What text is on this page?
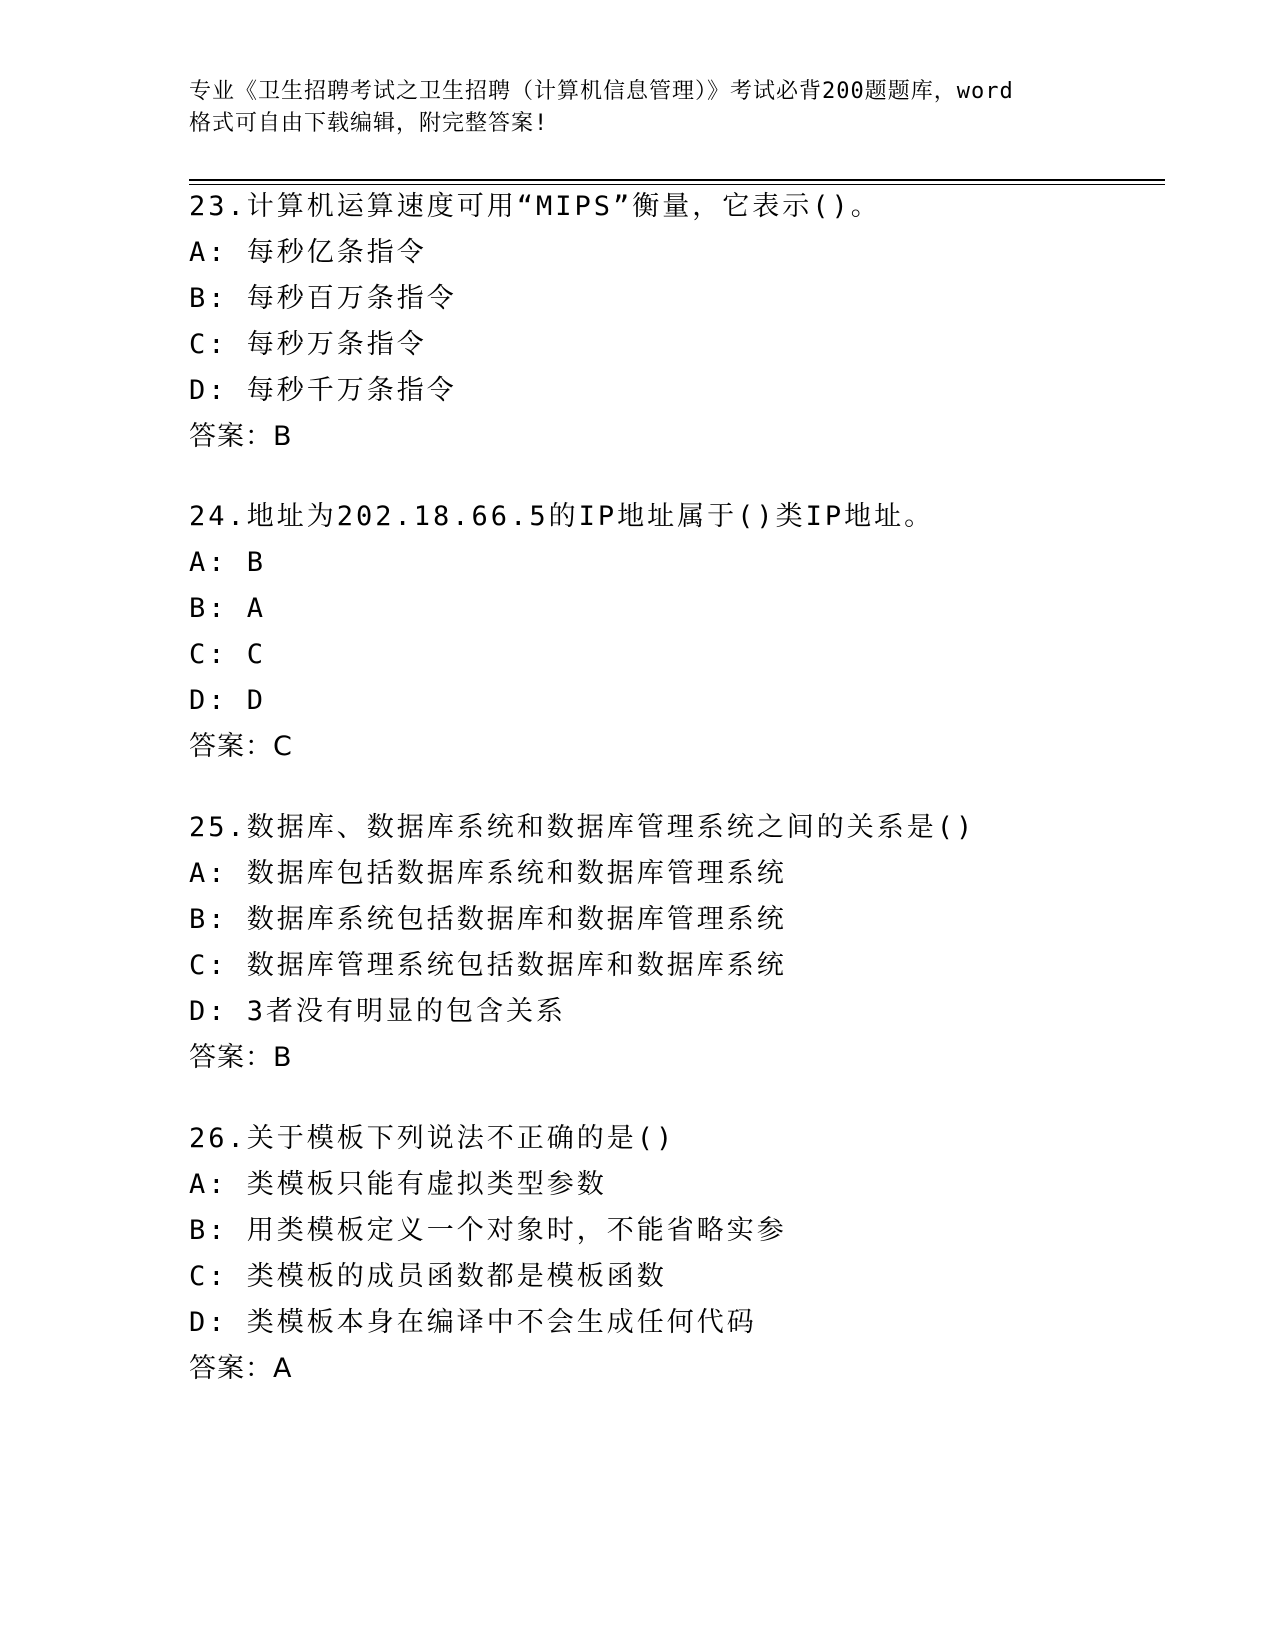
专业《卫生招聘考试之卫生招聘（计算机信息管理）》考试必背200题题库，word
格式可自由下载编辑，附完整答案!
23.计算机运算速度可用“MIPS”衡量，它表示()。
A: 每秒亿条指令
B: 每秒百万条指令
C: 每秒万条指令
D: 每秒千万条指令
答案：B
24.地址为202.18.66.5的IP地址属于()类IP地址。
A: B
B: A
C: C
D: D
答案：C
25.数据库、数据库系统和数据库管理系统之间的关系是()
A: 数据库包括数据库系统和数据库管理系统
B: 数据库系统包括数据库和数据库管理系统
C: 数据库管理系统包括数据库和数据库系统
D: 3者没有明显的包含关系
答案：B
26.关于模板下列说法不正确的是()
A: 类模板只能有虚拟类型参数
B: 用类模板定义一个对象时，不能省略实参
C: 类模板的成员函数都是模板函数
D: 类模板本身在编译中不会生成任何代码
答案：A
